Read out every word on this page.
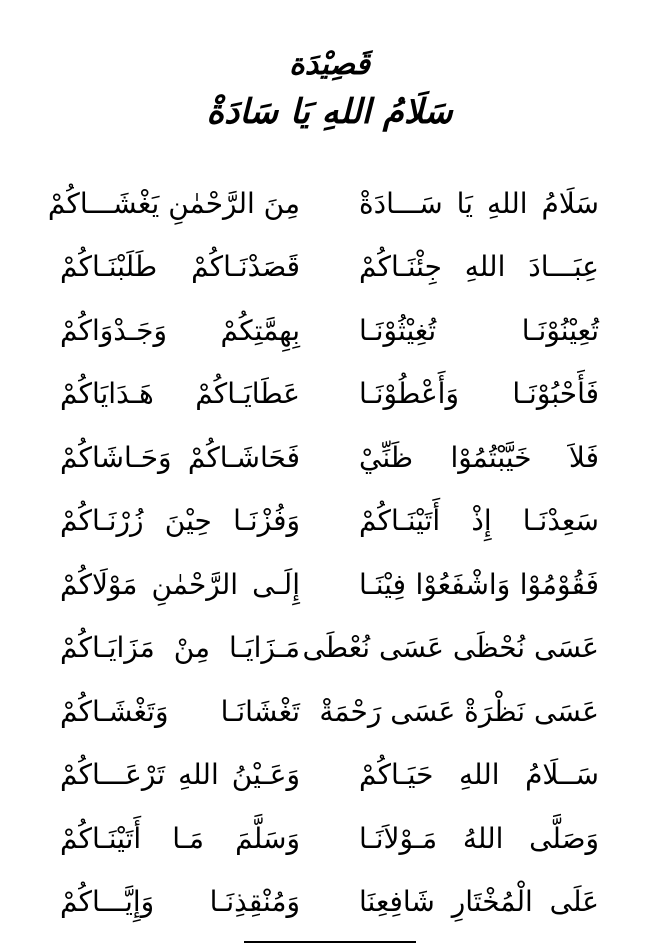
قَصِيْدَة
سَلَامُ اللهِ يَا سَادَةْ
سَلَامُ اللهِ يَا سَـــادَةْ
مِنَ الرَّحْمٰنِ يَغْشَـــاكُمْ
عِبَـــادَ اللهِ جِئْنَـاكُمْ
قَصَدْنَـاكُمْ طَلَبْنَـاكُمْ
تُعِيْنُوْنَـا تُغِيْثُوْنَـا
بِهِمَّتِكُمْ وَجَـدْوَاكُمْ
فَأَحْبُوْنَـا وَأَعْطُوْنَـا
عَطَايَـاكُمْ هَـدَايَاكُمْ
فَلاَ خَيَّبْتُمُوْا ظَنِّيْ
فَحَاشَـاكُمْ وَحَـاشَاكُمْ
سَعِدْنَـا إِذْ أَتَيْنَـاكُمْ
وَفُزْنَـا حِيْنَ زُرْنَـاكُمْ
فَقُوْمُوْا وَاشْفَعُوْا فِيْنَـا
إِلَـى الرَّحْمٰنِ مَوْلَاكُمْ
عَسَى نُحْظَى عَسَى نُعْطَى
مَـزَايَـا مِنْ مَزَايَـاكُمْ
عَسَى نَظْرَةْ عَسَى رَحْمَةْ
تَغْشَانَـا وَتَغْشَـاكُمْ
سَــلَامُ اللهِ حَيَـاكُمْ
وَعَـيْنُ اللهِ تَرْعَـــاكُمْ
وَصَلَّى اللهُ مَـوْلاَنَـا
وَسَلَّمَ مَـا أَتَيْنَـاكُمْ
عَلَى الْمُخْتَارِ شَافِعِنَا
وَمُنْقِذِنَـا وَإِيَّـــاكُمْ
